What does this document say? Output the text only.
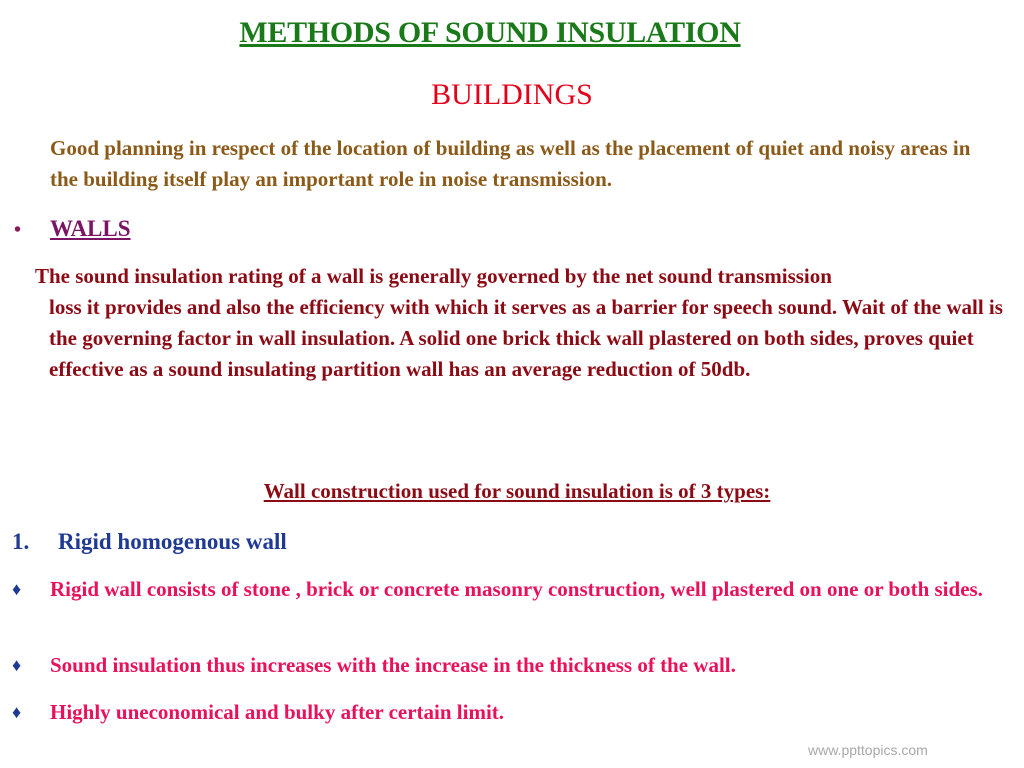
METHODS OF SOUND INSULATION
BUILDINGS
Good planning in respect of the location of building as well as the placement of quiet and noisy areas in the building itself play an important role in noise transmission.
• WALLS
The sound insulation rating of a wall is generally governed by the net sound transmission
loss it provides and also the efficiency with which it serves as a barrier for speech sound. Wait of the wall is the governing factor in wall insulation. A solid one brick thick wall plastered on both sides, proves quiet effective as a sound insulating partition wall has an average reduction of 50db.
Wall construction used for sound insulation is of 3 types:
1. Rigid homogenous wall
♦ Rigid wall consists of stone , brick or concrete masonry construction, well plastered on one or both sides.
♦ Sound insulation thus increases with the increase in the thickness of the wall.
♦ Highly uneconomical and bulky after certain limit.
www.ppttopics.com
